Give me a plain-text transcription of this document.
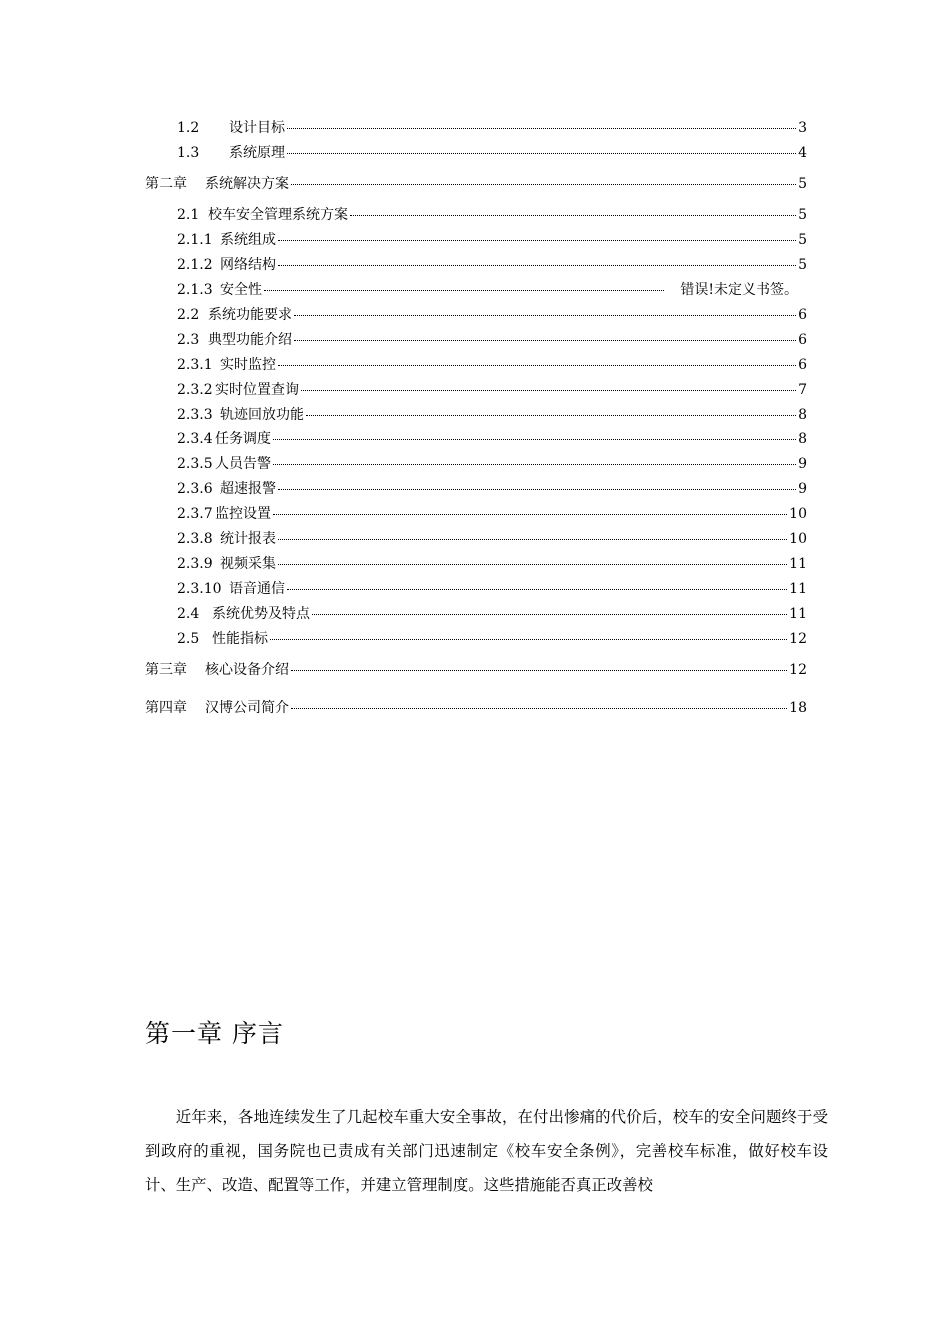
1.2	设计目标	3
1.3	系统原理	4
第二章	系统解决方案	5
2.1 校车安全管理系统方案	5
2.1.1 系统组成	5
2.1.2 网络结构	5
2.1.3 安全性	错误!未定义书签。
2.2 系统功能要求	6
2.3 典型功能介绍	6
2.3.1 实时监控	6
2.3.2 实时位置查询	7
2.3.3 轨迹回放功能	8
2.3.4 任务调度	8
2.3.5 人员告警	9
2.3.6 超速报警	9
2.3.7 监控设置	10
2.3.8 统计报表	10
2.3.9 视频采集	11
2.3.10 语音通信	11
2.4 系统优势及特点	11
2.5 性能指标	12
第三章	核心设备介绍	12
第四章	汉博公司简介	18
第一章 序言
近年来，各地连续发生了几起校车重大安全事故，在付出惨痛的代价后，校车的安全问题终于受到政府的重视，国务院也已责成有关部门迅速制定《校车安全条例》，完善校车标准，做好校车设计、生产、改造、配置等工作，并建立管理制度。这些措施能否真正改善校
